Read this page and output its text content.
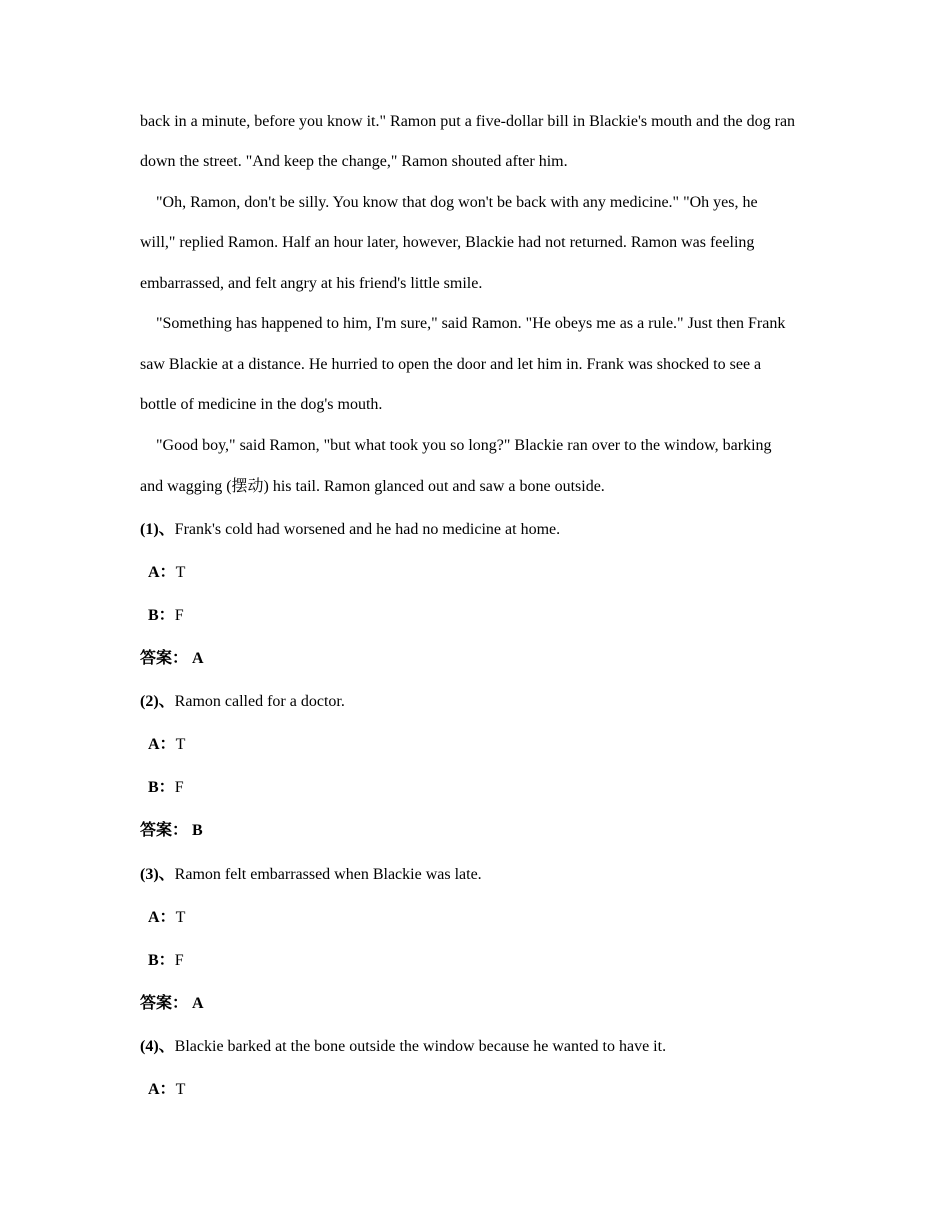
back in a minute, before you know it." Ramon put a five-dollar bill in Blackie's mouth and the dog ran
down the street. "And keep the change," Ramon shouted after him.
"Oh, Ramon, don't be silly. You know that dog won't be back with any medicine." "Oh yes, he
will," replied Ramon. Half an hour later, however, Blackie had not returned. Ramon was feeling
embarrassed, and felt angry at his friend's little smile.
"Something has happened to him, I'm sure," said Ramon. "He obeys me as a rule." Just then Frank
saw Blackie at a distance. He hurried to open the door and let him in. Frank was shocked to see a
bottle of medicine in the dog's mouth.
"Good boy," said Ramon, "but what took you so long?" Blackie ran over to the window, barking
and wagging (摆动) his tail. Ramon glanced out and saw a bone outside.
(1)、Frank's cold had worsened and he had no medicine at home.
A：T
B：F
答案： A
(2)、Ramon called for a doctor.
A：T
B：F
答案： B
(3)、Ramon felt embarrassed when Blackie was late.
A：T
B：F
答案： A
(4)、Blackie barked at the bone outside the window because he wanted to have it.
A：T
